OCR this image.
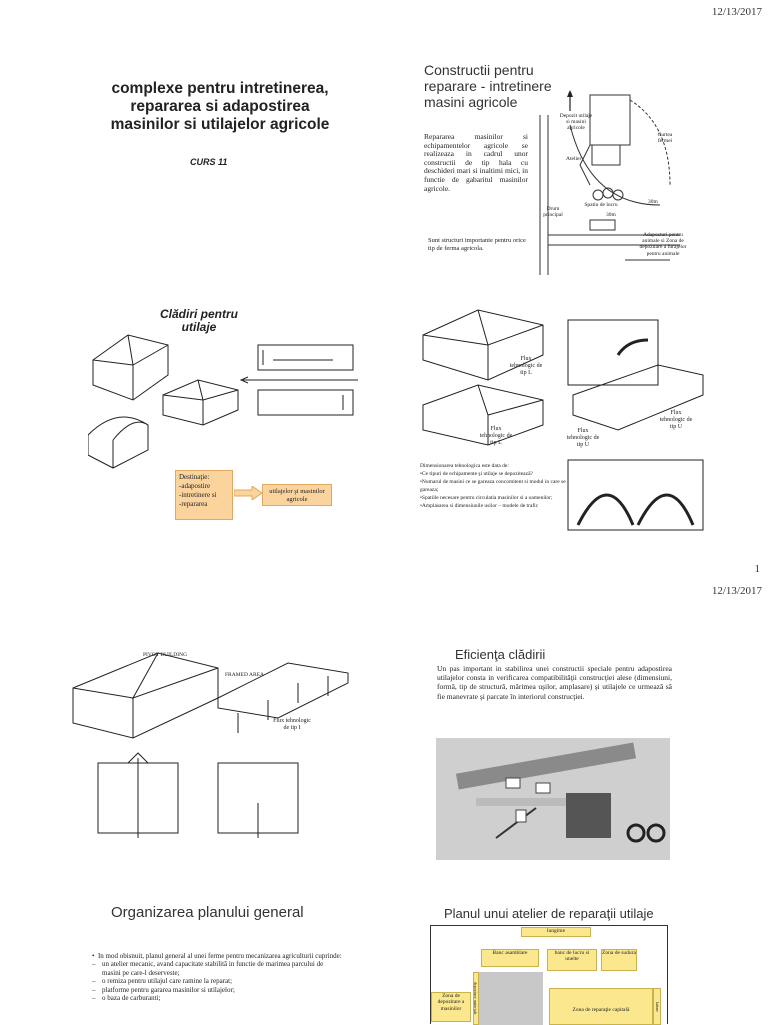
12/13/2017
complexe pentru intretinerea,
repararea si adapostirea
masinilor si utilajelor agricole
CURS 11
Constructii pentru
reparare - intretinere
masini agricole
Repararea masinilor si echipamentelor agricole se realizeaza in cadrul unor constructii de tip hala cu deschideri mari si inaltimi mici, in functie de gabaritul masinilor agricole.
Sunt structuri importante pentru orice tip de ferma agricola.
N
Depozit utilaje si masini agricole
Curtea fermei
Atelier
Spatiu de lucru
Drum principal
30m
30m
Adaposturi pentru animale si Zona de depozitare a furajelor pentru animale
Clădiri pentru
utilaje
Destinaţie:
-adapostire
-intretinere si
-repararea
utilajelor şi masinilor agricole
Flux tehnologic de tip L
Flux tehnologic de tip L
Flux tehnologic de tip U
Flux tehnologic de tip U
Dimensionarea tehnologica este data de:
•Ce tipuri de echipamente şi utilaje se depozitează?
•Numarul de masini ce se gareaza concomitent si modul in care se gareaza;
•Spatiile necesare pentru circulatia masinilor si a oamenilor;
•Amplasarea si dimensiunile usilor – modele de trafic
1
12/13/2017
PIVOT BUILDING
FRAMED AREA
Flux tehnologic de tip I
Eficienţa clădirii
Un pas important in stabilirea unei constructii speciale pentru adapostirea utilajelor consta in verificarea compatibilităţii construcţiei alese (dimensiuni, formă, tip de structură, mărimea uşilor, amplasare) şi utilajele ce urmează să fie manevrate şi parcate în interiorul construcţiei.
Organizarea planului general
•  In mod obisnuit, planul general al unei ferme pentru mecanizarea agriculturii cuprinde:
– un atelier mecanic, avand capacitate stabilită in functie de marimea parcului de masini pe care-l deserveste;
– o remiza pentru utilajul care ramine la reparat;
– platforme pentru gararea masinilor si utilajelor;
– o baza de carburanti;
Planul unui atelier de reparaţii utilaje
lungime
Banc asamblare	banc de lucru si unelte
Zona de sudura
Zona de depozitare a masinilor	Zona de reparaţie capitală
depozitare materiale	latime
